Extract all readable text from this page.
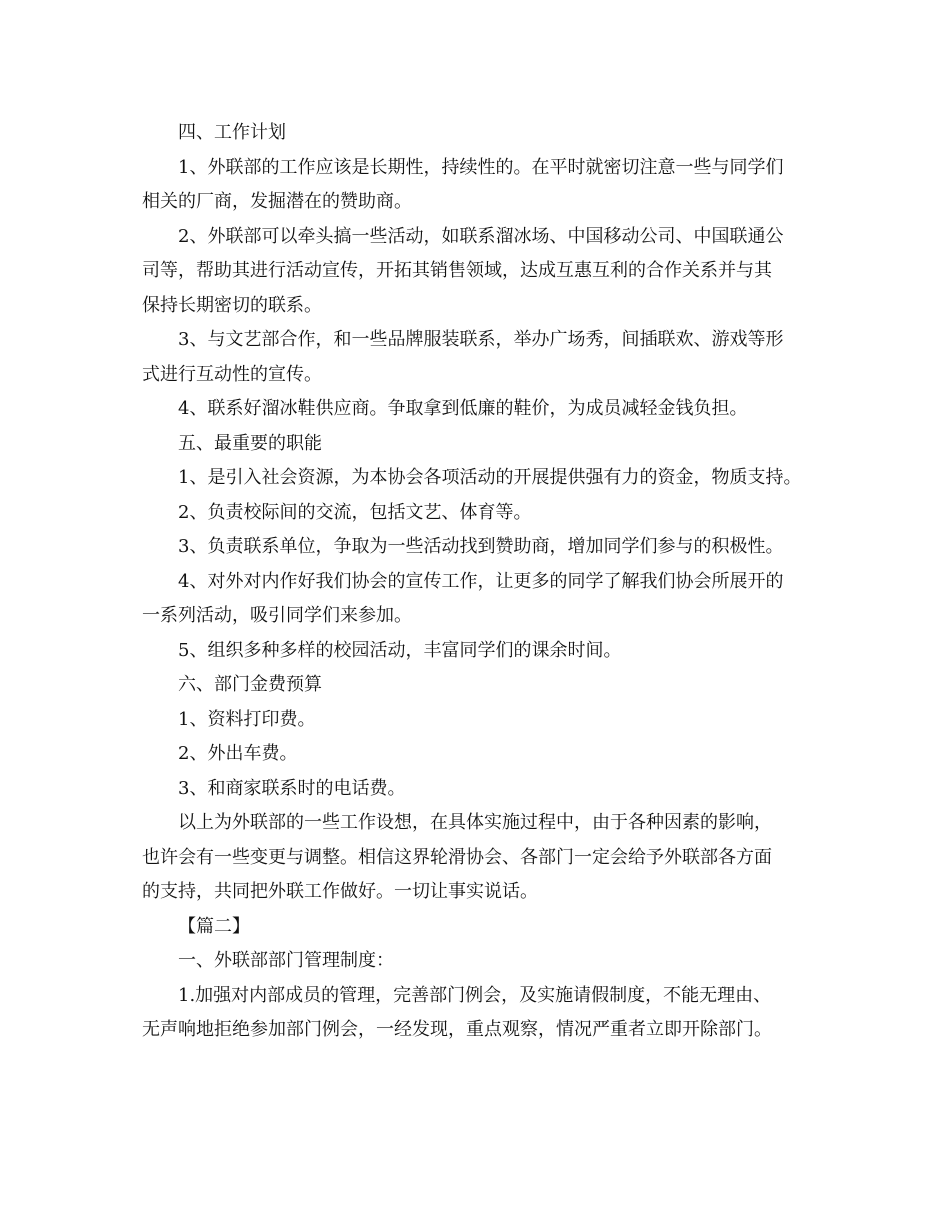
四、工作计划
1、外联部的工作应该是长期性，持续性的。在平时就密切注意一些与同学们
相关的厂商，发掘潜在的赞助商。
2、外联部可以牵头搞一些活动，如联系溜冰场、中国移动公司、中国联通公
司等，帮助其进行活动宣传，开拓其销售领域，达成互惠互利的合作关系并与其
保持长期密切的联系。
3、与文艺部合作，和一些品牌服装联系，举办广场秀，间插联欢、游戏等形
式进行互动性的宣传。
4、联系好溜冰鞋供应商。争取拿到低廉的鞋价，为成员减轻金钱负担。
五、最重要的职能
1、是引入社会资源，为本协会各项活动的开展提供强有力的资金，物质支持。
2、负责校际间的交流，包括文艺、体育等。
3、负责联系单位，争取为一些活动找到赞助商，增加同学们参与的积极性。
4、对外对内作好我们协会的宣传工作，让更多的同学了解我们协会所展开的
一系列活动，吸引同学们来参加。
5、组织多种多样的校园活动，丰富同学们的课余时间。
六、部门金费预算
1、资料打印费。
2、外出车费。
3、和商家联系时的电话费。
以上为外联部的一些工作设想，在具体实施过程中，由于各种因素的影响，
也许会有一些变更与调整。相信这界轮滑协会、各部门一定会给予外联部各方面
的支持，共同把外联工作做好。一切让事实说话。
【篇二】
一、外联部部门管理制度：
1.加强对内部成员的管理，完善部门例会，及实施请假制度，不能无理由、
无声响地拒绝参加部门例会，一经发现，重点观察，情况严重者立即开除部门。
